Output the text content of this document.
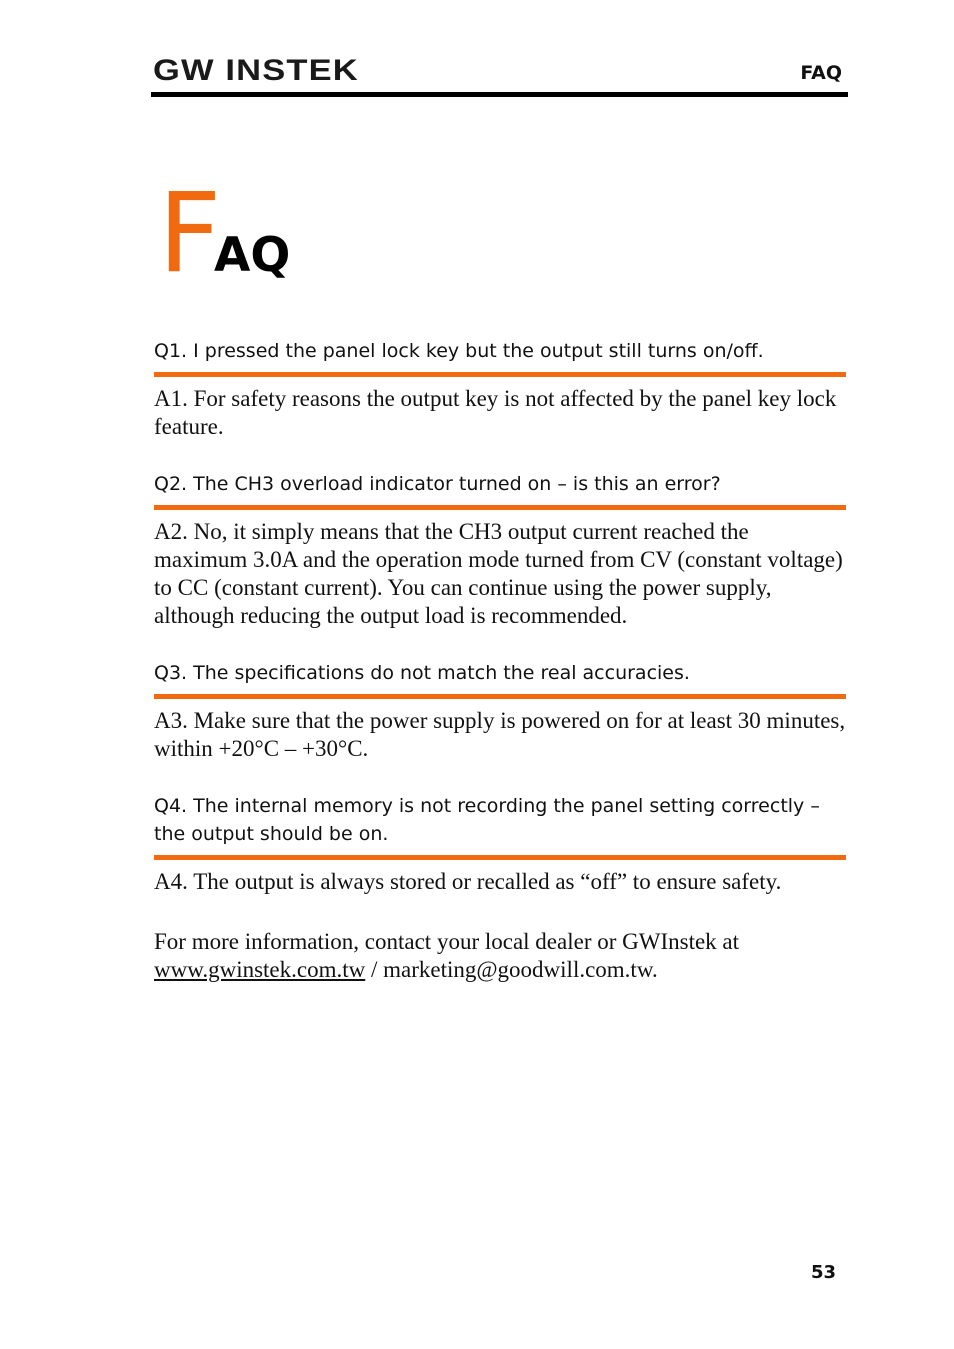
GW INSTEK	FAQ
F
AQ

Q1. I pressed the panel lock key but the output still turns on/off.

A1. For safety reasons the output key is not affected by the panel key lock feature.

Q2. The CH3 overload indicator turned on – is this an error?

A2. No, it simply means that the CH3 output current reached the maximum 3.0A and the operation mode turned from CV (constant voltage) to CC (constant current). You can continue using the power supply, although reducing the output load is recommended.

Q3. The specifications do not match the real accuracies.

A3. Make sure that the power supply is powered on for at least 30 minutes, within +20°C – +30°C.

Q4. The internal memory is not recording the panel setting correctly – the output should be on.

A4. The output is always stored or recalled as “off” to ensure safety.

For more information, contact your local dealer or GWInstek at
www.gwinstek.com.tw / marketing@goodwill.com.tw.

53
